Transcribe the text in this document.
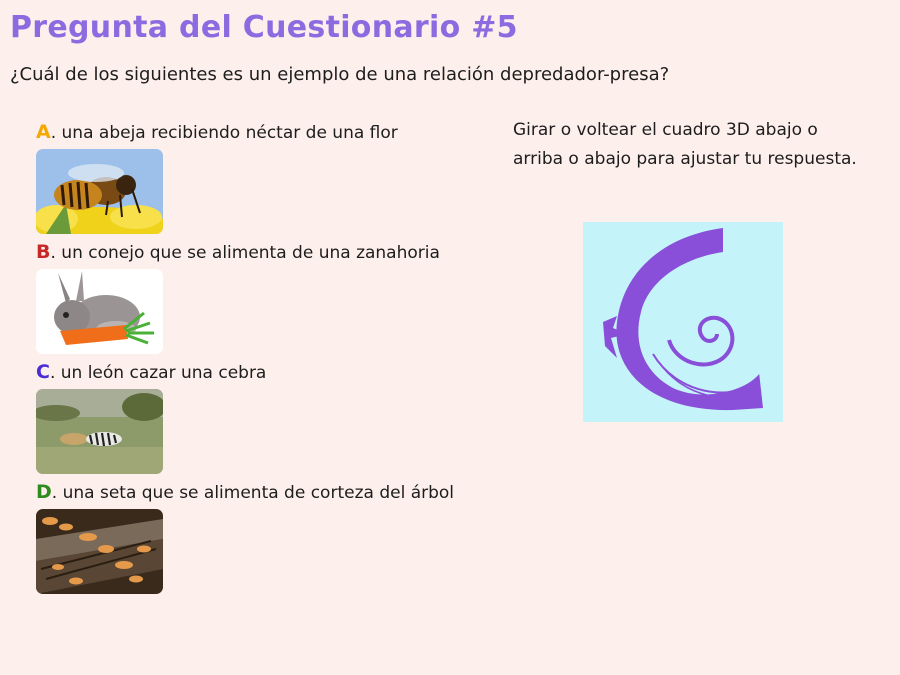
Pregunta del Cuestionario #5
¿Cuál de los siguientes es un ejemplo de una relación depredador-presa?
A. una abeja recibiendo néctar de una flor
B. un conejo que se alimenta de una zanahoria
C. un león cazar una cebra
D. una seta que se alimenta de corteza del árbol
Girar o voltear el cuadro 3D abajo o arriba o abajo para ajustar tu respuesta.
